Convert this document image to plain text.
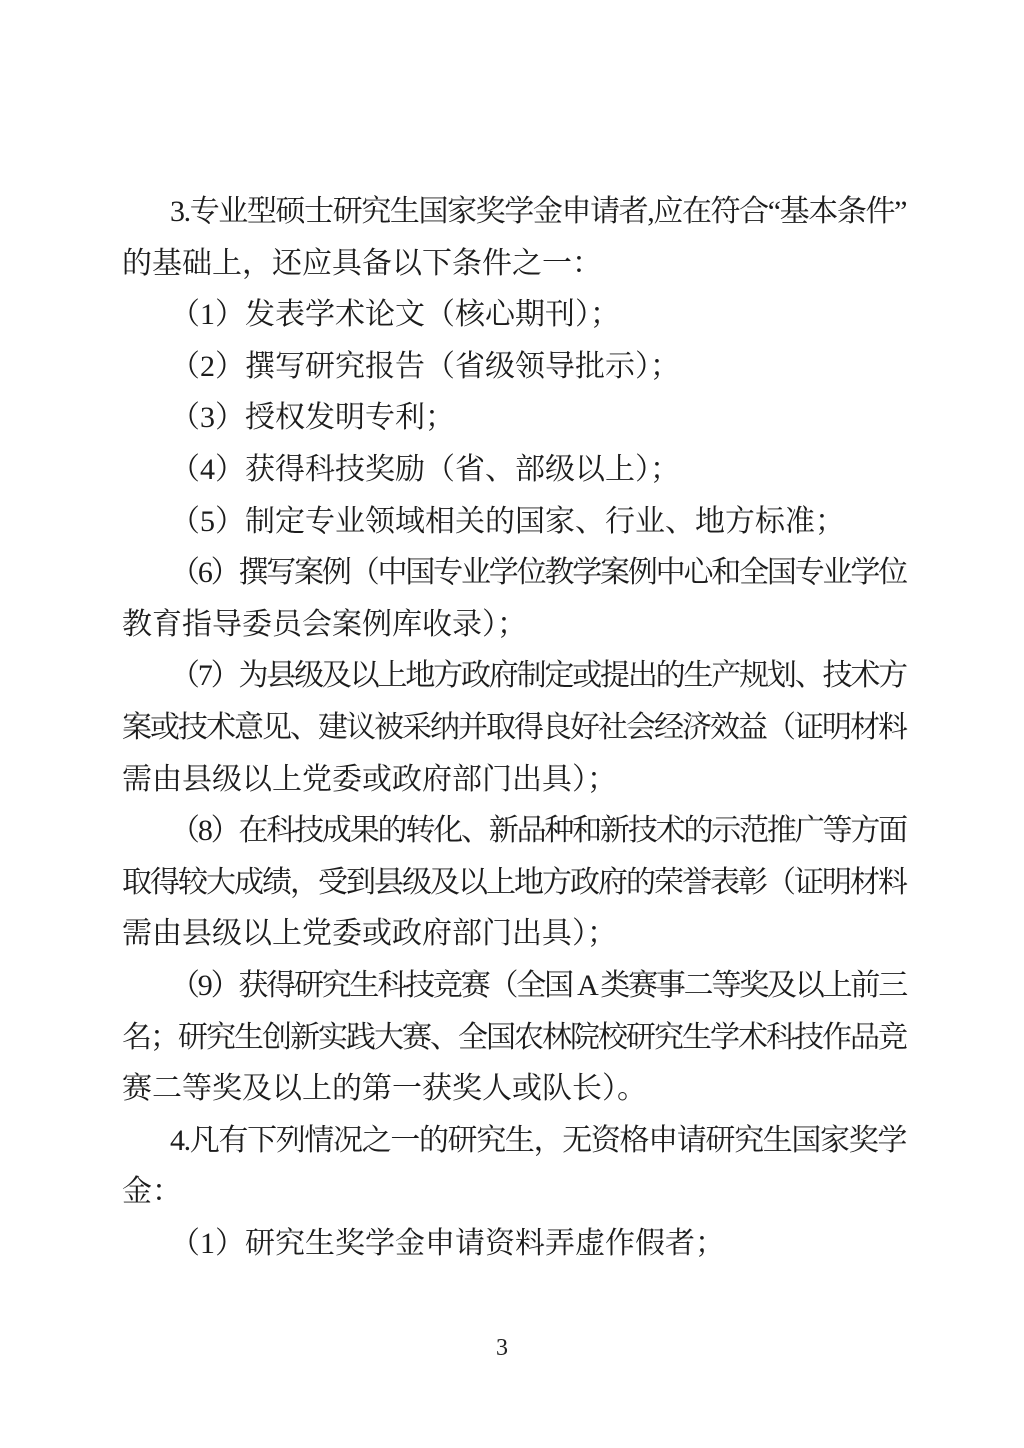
3.专业型硕士研究生国家奖学金申请者,应在符合“基本条件”
的基础上，还应具备以下条件之一：
（1）发表学术论文（核心期刊）；
（2）撰写研究报告（省级领导批示）；
（3）授权发明专利；
（4）获得科技奖励（省、部级以上）；
（5）制定专业领域相关的国家、行业、地方标准；
（6）撰写案例（中国专业学位教学案例中心和全国专业学位
教育指导委员会案例库收录）；
（7）为县级及以上地方政府制定或提出的生产规划、技术方
案或技术意见、建议被采纳并取得良好社会经济效益（证明材料
需由县级以上党委或政府部门出具）；
（8）在科技成果的转化、新品种和新技术的示范推广等方面
取得较大成绩，受到县级及以上地方政府的荣誉表彰（证明材料
需由县级以上党委或政府部门出具）；
（9）获得研究生科技竞赛（全国 A 类赛事二等奖及以上前三
名；研究生创新实践大赛、全国农林院校研究生学术科技作品竞
赛二等奖及以上的第一获奖人或队长）。
4.凡有下列情况之一的研究生，无资格申请研究生国家奖学
金：
（1）研究生奖学金申请资料弄虚作假者；
3
